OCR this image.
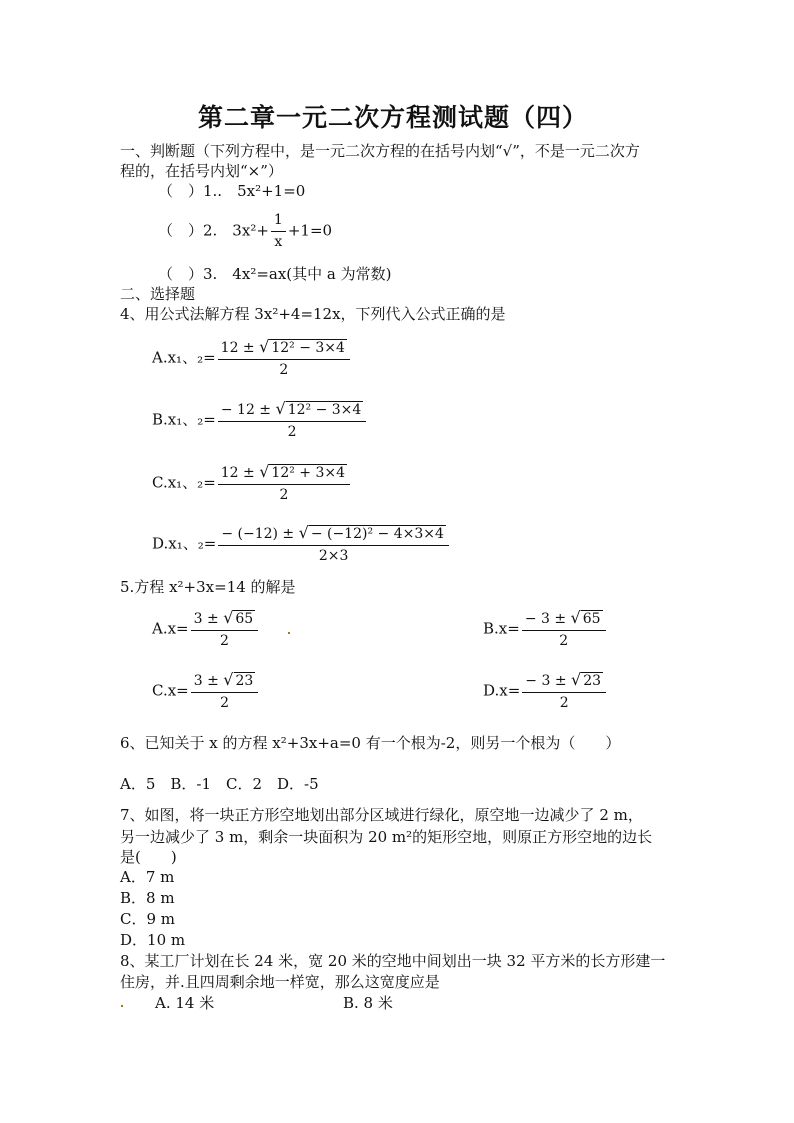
第二章一元二次方程测试题（四）
一、判断题（下列方程中，是一元二次方程的在括号内划“√”，不是一元二次方
程的，在括号内划“×”）
（　）1..　5x²+1=0
（　）2.　$3x^2+ \frac{1}{x} +1=0$
（　）3.　4x²=ax(其中 a 为常数)
二、选择题
4、用公式法解方程 3x²+4=12x，下列代入公式正确的是
A.x₁、$_2= \frac{\text{12 ± √ 12² − 3×4}}{2}$
B.x₁、$_2= \frac{\text{− 12 ± √ 12² − 3×4}}{2}$
C.x₁、$_2= \frac{\text{12 ± √ 12² + 3×4}}{2}$
D.x₁、$_2= \frac{\text{− (−12) ± √ − (−12)² − 4×3×4}}{2\times 3}$
5.方程 x²+3x=14 的解是
$A.x= \frac{3 \pm √ 65}{2}$	$B.x= \frac{- 3 \pm √ 65}{2}$
$C.x= \frac{3 \pm √ 23}{2}$	$D.x= \frac{- 3 \pm √ 23}{2}$
6、已知关于 x 的方程 x²+3x+a=0 有一个根为-2，则另一个根为（　　）
A．5　B．-1　C．2　D．-5
7、如图，将一块正方形空地划出部分区域进行绿化，原空地一边减少了 2 m，
另一边减少了 3 m，剩余一块面积为 20 m²的矩形空地，则原正方形空地的边长
是(　　)
A．7 m
B．8 m
C．9 m
D．10 m
8、某工厂计划在长 24 米，宽 20 米的空地中间划出一块 32 平方米的长方形建一
住房，并.且四周剩余地一样宽，那么这宽度应是
A. 14 米	B. 8 米
